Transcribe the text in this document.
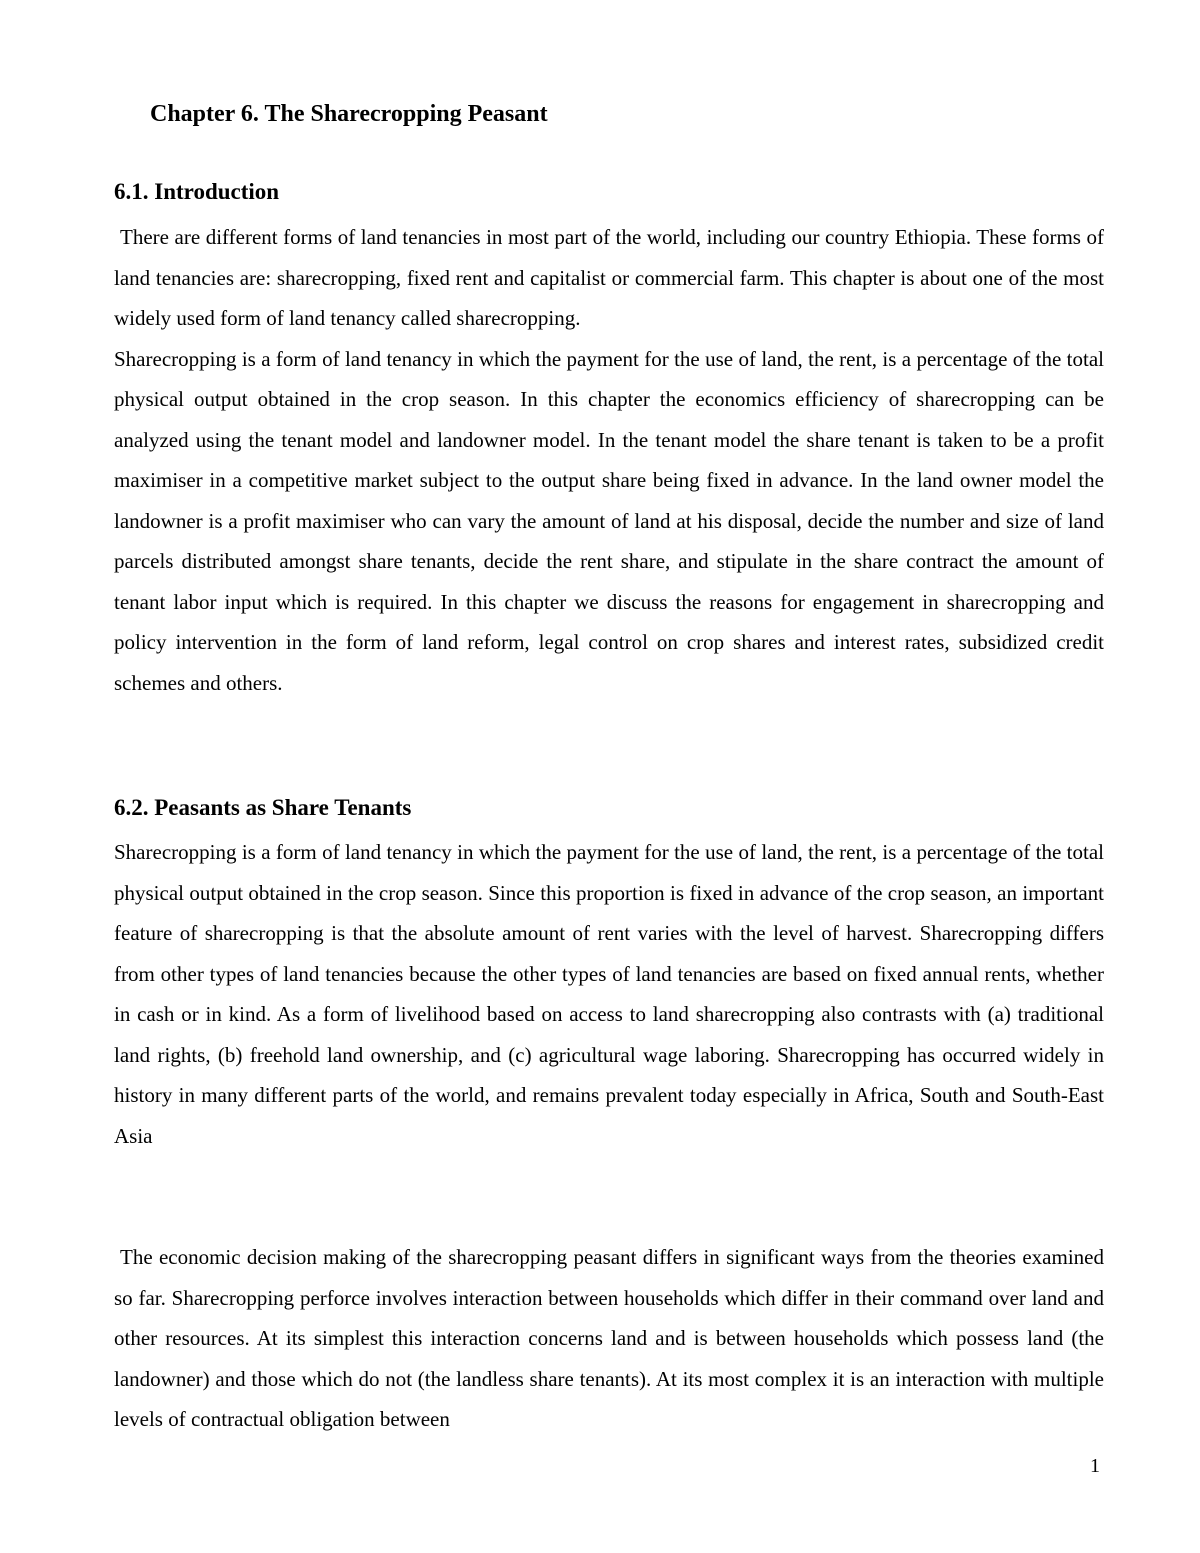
Chapter 6. The Sharecropping Peasant
6.1. Introduction

There are different forms of land tenancies in most part of the world, including our country Ethiopia. These forms of land tenancies are: sharecropping, fixed rent and capitalist or commercial farm. This chapter is about one of the most widely used form of land tenancy called sharecropping.

Sharecropping is a form of land tenancy in which the payment for the use of land, the rent, is a percentage of the total physical output obtained in the crop season. In this chapter the economics efficiency of sharecropping can be analyzed using the tenant model and landowner model. In the tenant model the share tenant is taken to be a profit maximiser in a competitive market subject to the output share being fixed in advance. In the land owner model the landowner is a profit maximiser who can vary the amount of land at his disposal, decide the number and size of land parcels distributed amongst share tenants, decide the rent share, and stipulate in the share contract the amount of tenant labor input which is required. In this chapter we discuss the reasons for engagement in sharecropping and policy intervention in the form of land reform, legal control on crop shares and interest rates, subsidized credit schemes and others.

6.2. Peasants as Share Tenants

Sharecropping is a form of land tenancy in which the payment for the use of land, the rent, is a percentage of the total physical output obtained in the crop season. Since this proportion is fixed in advance of the crop season, an important feature of sharecropping is that the absolute amount of rent varies with the level of harvest. Sharecropping differs from other types of land tenancies because the other types of land tenancies are based on fixed annual rents, whether in cash or in kind. As a form of livelihood based on access to land sharecropping also contrasts with (a) traditional land rights, (b) freehold land ownership, and (c) agricultural wage laboring. Sharecropping has occurred widely in history in many different parts of the world, and remains prevalent today especially in Africa, South and South-East Asia

The economic decision making of the sharecropping peasant differs in significant ways from the theories examined so far. Sharecropping perforce involves interaction between households which differ in their command over land and other resources. At its simplest this interaction concerns land and is between households which possess land (the landowner) and those which do not (the landless share tenants). At its most complex it is an interaction with multiple levels of contractual obligation between

1
